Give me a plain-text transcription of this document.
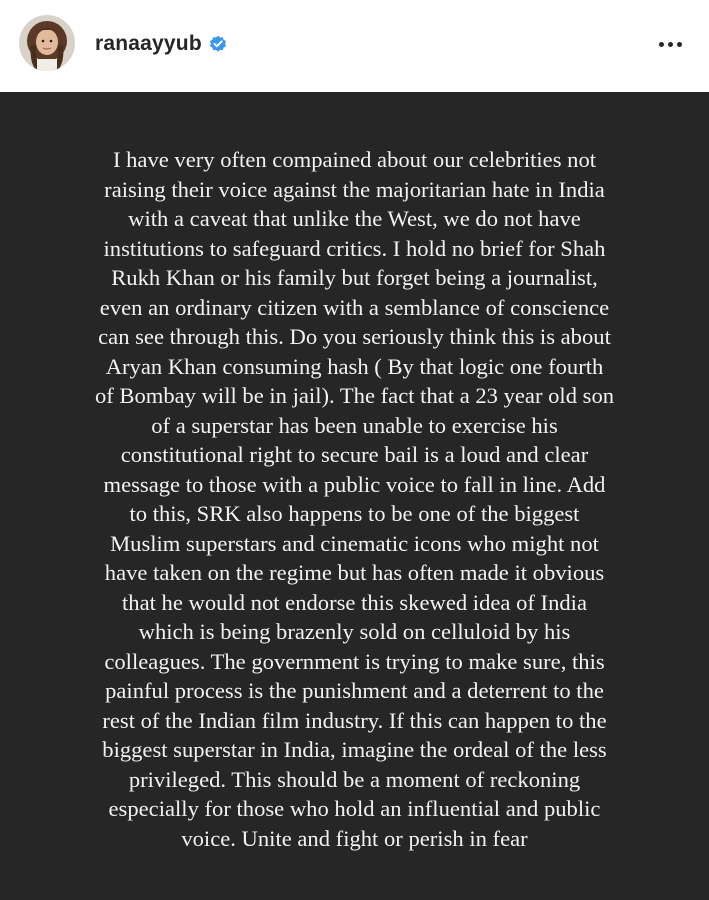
ranaayyub

I have very often compained about our celebrities not
raising their voice against the majoritarian hate in India
with a caveat that unlike the West, we do not have
institutions to safeguard critics. I hold no brief for Shah
Rukh Khan or his family but forget being a journalist,
even an ordinary citizen with a semblance of conscience
can see through this. Do you seriously think this is about
Aryan Khan consuming hash ( By that logic one fourth
of Bombay will be in jail). The fact that a 23 year old son
of a superstar has been unable to exercise his
constitutional right to secure bail is a loud and clear
message to those with a public voice to fall in line. Add
to this, SRK also happens to be one of the biggest
Muslim superstars and cinematic icons who might not
have taken on the regime but has often made it obvious
that he would not endorse this skewed idea of India
which is being brazenly sold on celluloid by his
colleagues. The government is trying to make sure, this
painful process is the punishment and a deterrent to the
rest of the Indian film industry. If this can happen to the
biggest superstar in India, imagine the ordeal of the less
privileged. This should be a moment of reckoning
especially for those who hold an influential and public
voice. Unite and fight or perish in fear
